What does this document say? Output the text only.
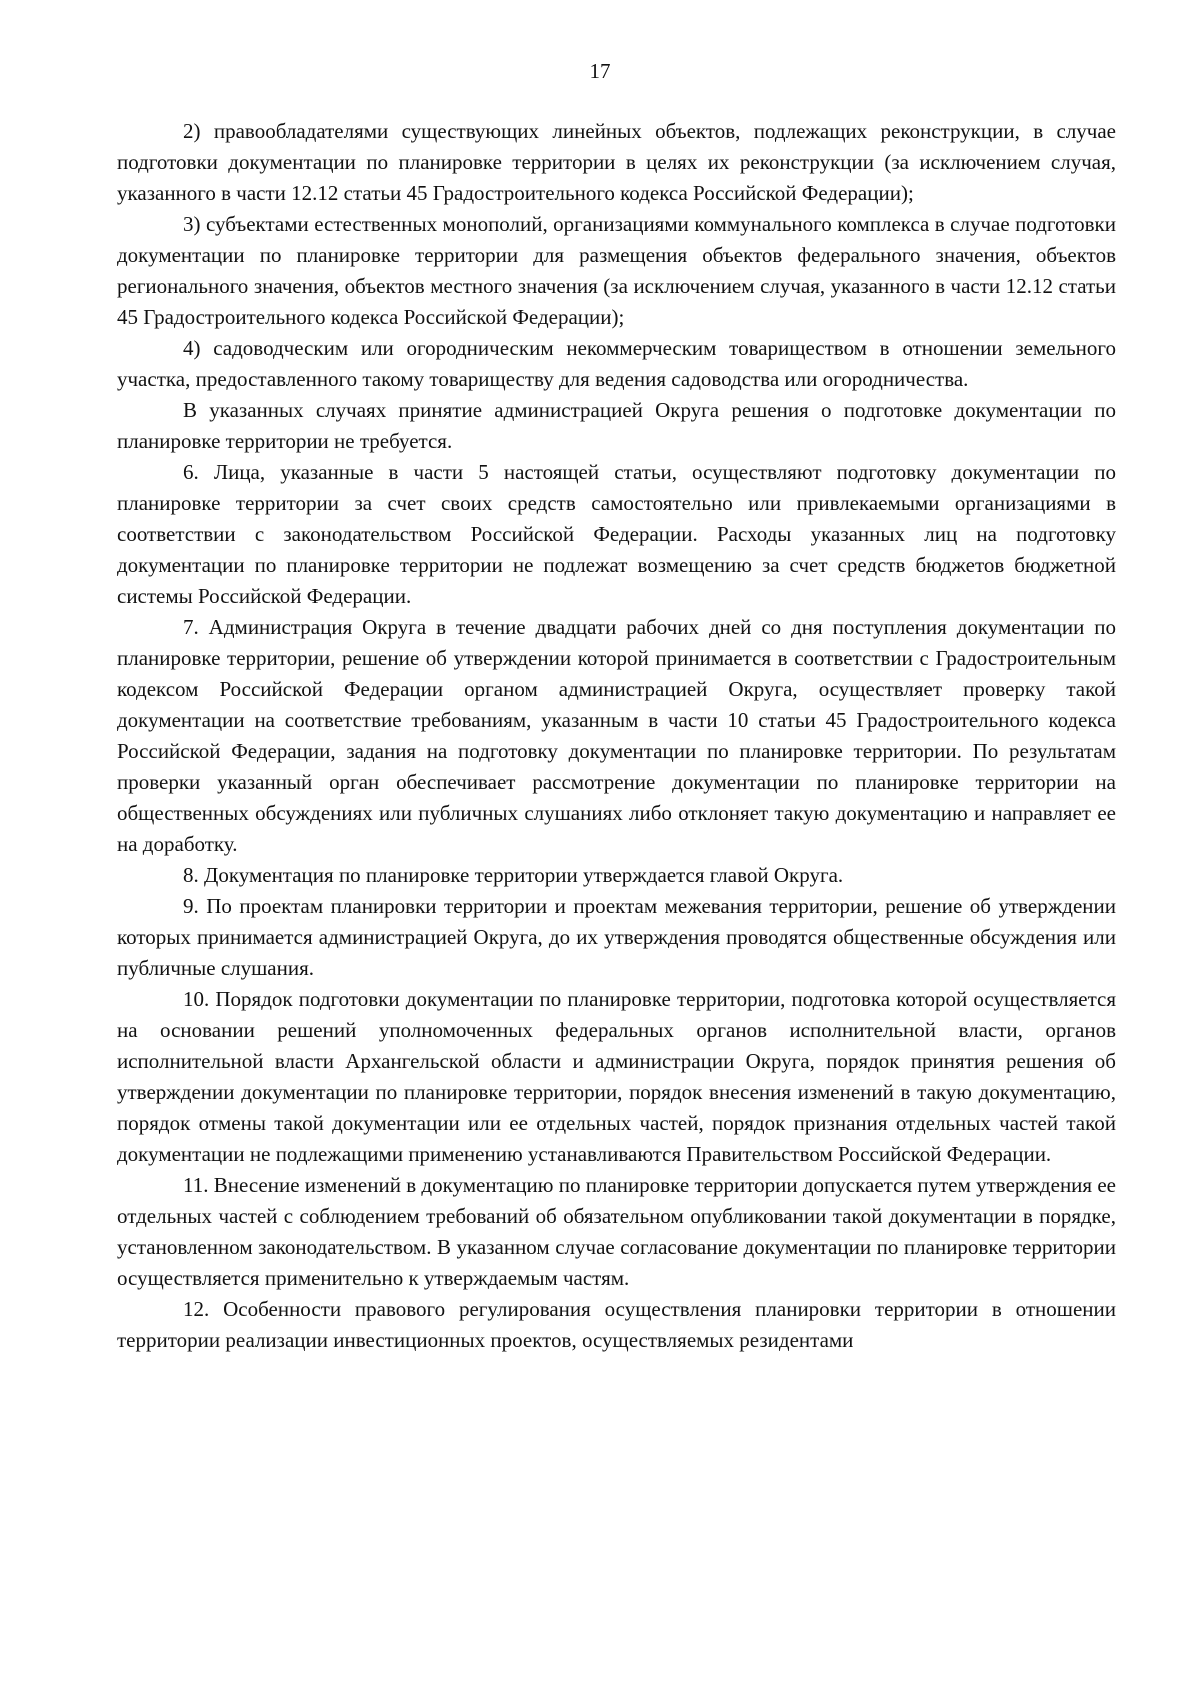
17

2) правообладателями существующих линейных объектов, подлежащих реконструкции, в случае подготовки документации по планировке территории в целях их реконструкции (за исключением случая, указанного в части 12.12 статьи 45 Градостроительного кодекса Российской Федерации);

3) субъектами естественных монополий, организациями коммунального комплекса в случае подготовки документации по планировке территории для размещения объектов федерального значения, объектов регионального значения, объектов местного значения (за исключением случая, указанного в части 12.12 статьи 45 Градостроительного кодекса Российской Федерации);

4) садоводческим или огородническим некоммерческим товариществом в отношении земельного участка, предоставленного такому товариществу для ведения садоводства или огородничества.

В указанных случаях принятие администрацией Округа решения о подготовке документации по планировке территории не требуется.

6. Лица, указанные в части 5 настоящей статьи, осуществляют подготовку документации по планировке территории за счет своих средств самостоятельно или привлекаемыми организациями в соответствии с законодательством Российской Федерации. Расходы указанных лиц на подготовку документации по планировке территории не подлежат возмещению за счет средств бюджетов бюджетной системы Российской Федерации.

7. Администрация Округа в течение двадцати рабочих дней со дня поступления документации по планировке территории, решение об утверждении которой принимается в соответствии с Градостроительным кодексом Российской Федерации органом администрацией Округа, осуществляет проверку такой документации на соответствие требованиям, указанным в части 10 статьи 45 Градостроительного кодекса Российской Федерации, задания на подготовку документации по планировке территории. По результатам проверки указанный орган обеспечивает рассмотрение документации по планировке территории на общественных обсуждениях или публичных слушаниях либо отклоняет такую документацию и направляет ее на доработку.

8. Документация по планировке территории утверждается главой Округа.

9. По проектам планировки территории и проектам межевания территории, решение об утверждении которых принимается администрацией Округа, до их утверждения проводятся общественные обсуждения или публичные слушания.

10. Порядок подготовки документации по планировке территории, подготовка которой осуществляется на основании решений уполномоченных федеральных органов исполнительной власти, органов исполнительной власти Архангельской области и администрации Округа, порядок принятия решения об утверждении документации по планировке территории, порядок внесения изменений в такую документацию, порядок отмены такой документации или ее отдельных частей, порядок признания отдельных частей такой документации не подлежащими применению устанавливаются Правительством Российской Федерации.

11. Внесение изменений в документацию по планировке территории допускается путем утверждения ее отдельных частей с соблюдением требований об обязательном опубликовании такой документации в порядке, установленном законодательством. В указанном случае согласование документации по планировке территории осуществляется применительно к утверждаемым частям.

12. Особенности правового регулирования осуществления планировки территории в отношении территории реализации инвестиционных проектов, осуществляемых резидентами
